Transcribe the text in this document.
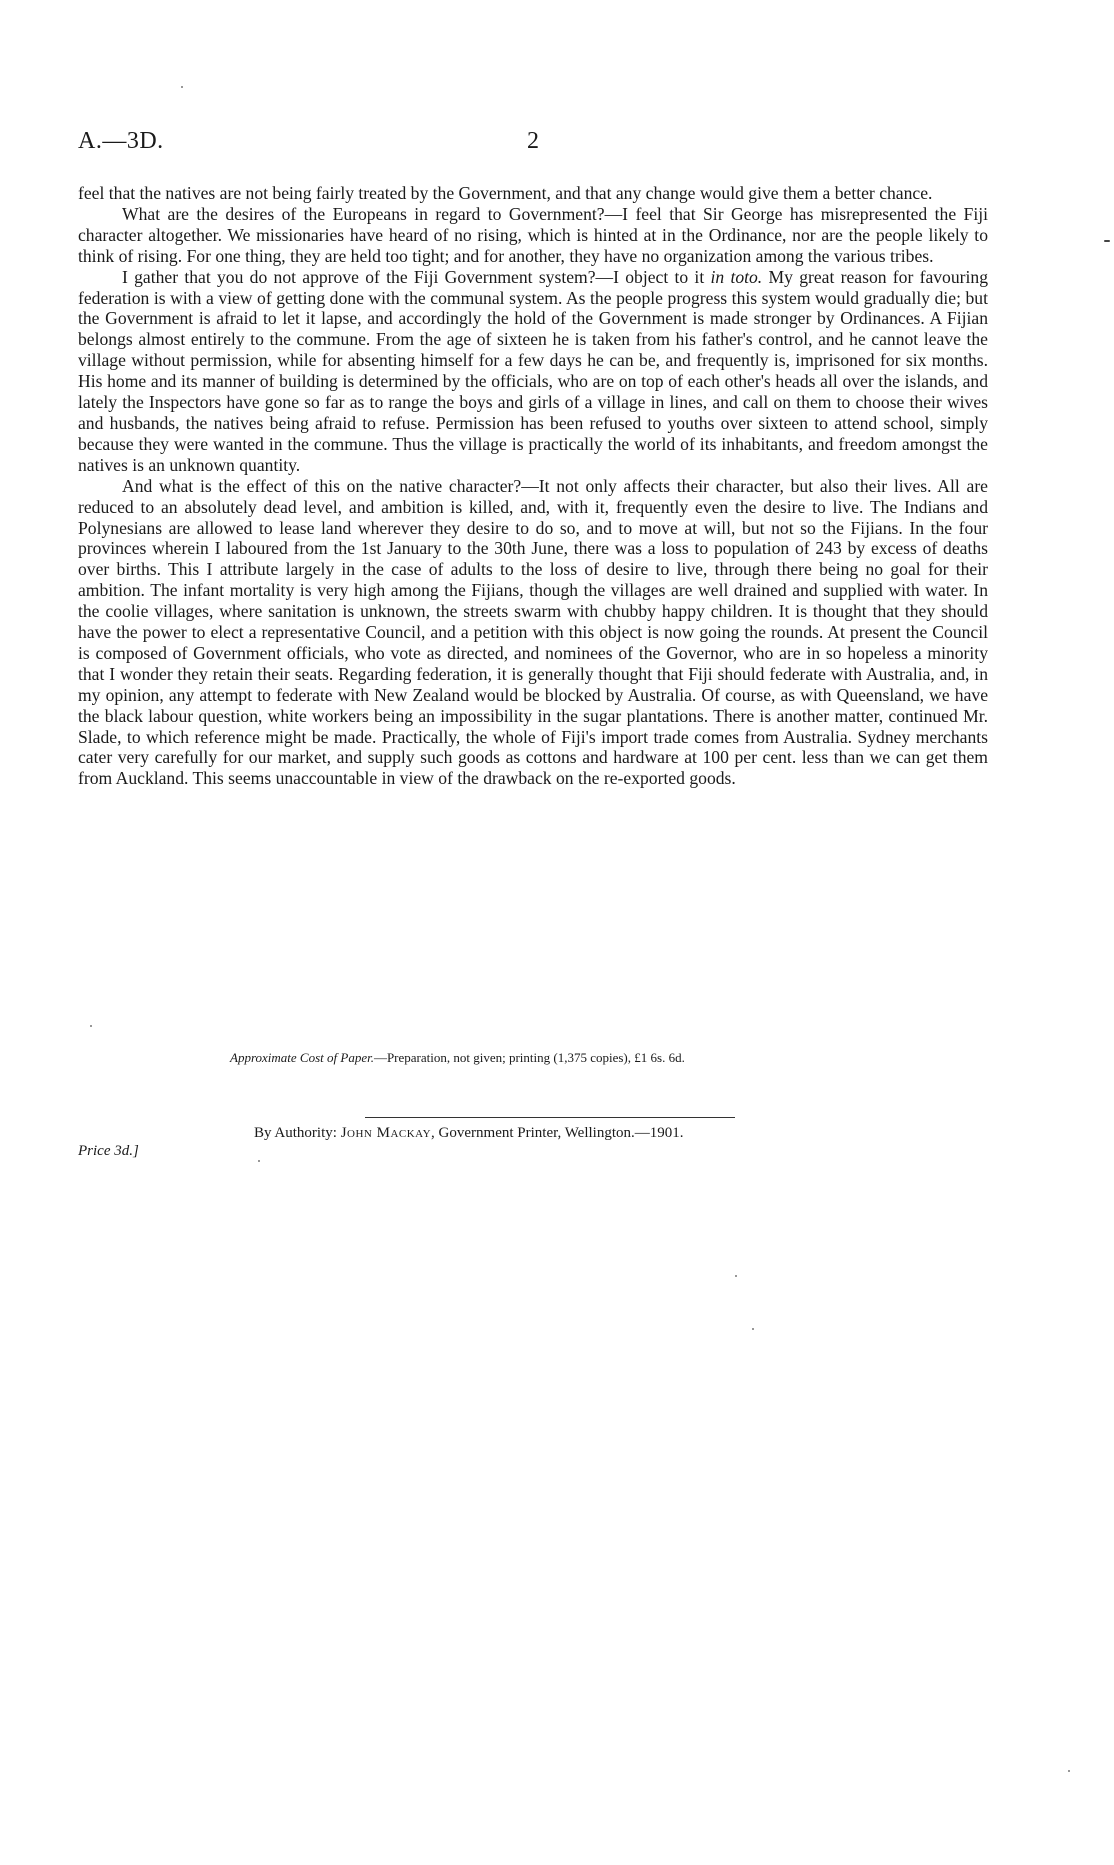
A.—3D.	2

feel that the natives are not being fairly treated by the Government, and that any change would give them a better chance.

What are the desires of the Europeans in regard to Government?—I feel that Sir George has misrepresented the Fiji character altogether. We missionaries have heard of no rising, which is hinted at in the Ordinance, nor are the people likely to think of rising. For one thing, they are held too tight; and for another, they have no organization among the various tribes.

I gather that you do not approve of the Fiji Government system?—I object to it in toto. My great reason for favouring federation is with a view of getting done with the communal system. As the people progress this system would gradually die; but the Government is afraid to let it lapse, and accordingly the hold of the Government is made stronger by Ordinances. A Fijian belongs almost entirely to the commune. From the age of sixteen he is taken from his father's control, and he cannot leave the village without permission, while for absenting himself for a few days he can be, and frequently is, imprisoned for six months. His home and its manner of building is determined by the officials, who are on top of each other's heads all over the islands, and lately the Inspectors have gone so far as to range the boys and girls of a village in lines, and call on them to choose their wives and husbands, the natives being afraid to refuse. Permission has been refused to youths over sixteen to attend school, simply because they were wanted in the commune. Thus the village is practically the world of its inhabitants, and freedom amongst the natives is an unknown quantity.

And what is the effect of this on the native character?—It not only affects their character, but also their lives. All are reduced to an absolutely dead level, and ambition is killed, and, with it, frequently even the desire to live. The Indians and Polynesians are allowed to lease land wherever they desire to do so, and to move at will, but not so the Fijians. In the four provinces wherein I laboured from the 1st January to the 30th June, there was a loss to population of 243 by excess of deaths over births. This I attribute largely in the case of adults to the loss of desire to live, through there being no goal for their ambition. The infant mortality is very high among the Fijians, though the villages are well drained and supplied with water. In the coolie villages, where sanitation is unknown, the streets swarm with chubby happy children. It is thought that they should have the power to elect a representative Council, and a petition with this object is now going the rounds. At present the Council is composed of Government officials, who vote as directed, and nominees of the Governor, who are in so hopeless a minority that I wonder they retain their seats. Regarding federation, it is generally thought that Fiji should federate with Australia, and, in my opinion, any attempt to federate with New Zealand would be blocked by Australia. Of course, as with Queensland, we have the black labour question, white workers being an impossibility in the sugar plantations. There is another matter, continued Mr. Slade, to which reference might be made. Practically, the whole of Fiji's import trade comes from Australia. Sydney merchants cater very carefully for our market, and supply such goods as cottons and hardware at 100 per cent. less than we can get them from Auckland. This seems unaccountable in view of the drawback on the re-exported goods.

Approximate Cost of Paper.—Preparation, not given; printing (1,375 copies), £1 6s. 6d.
By Authority: John Mackay, Government Printer, Wellington.—1901.
Price 3d.]
